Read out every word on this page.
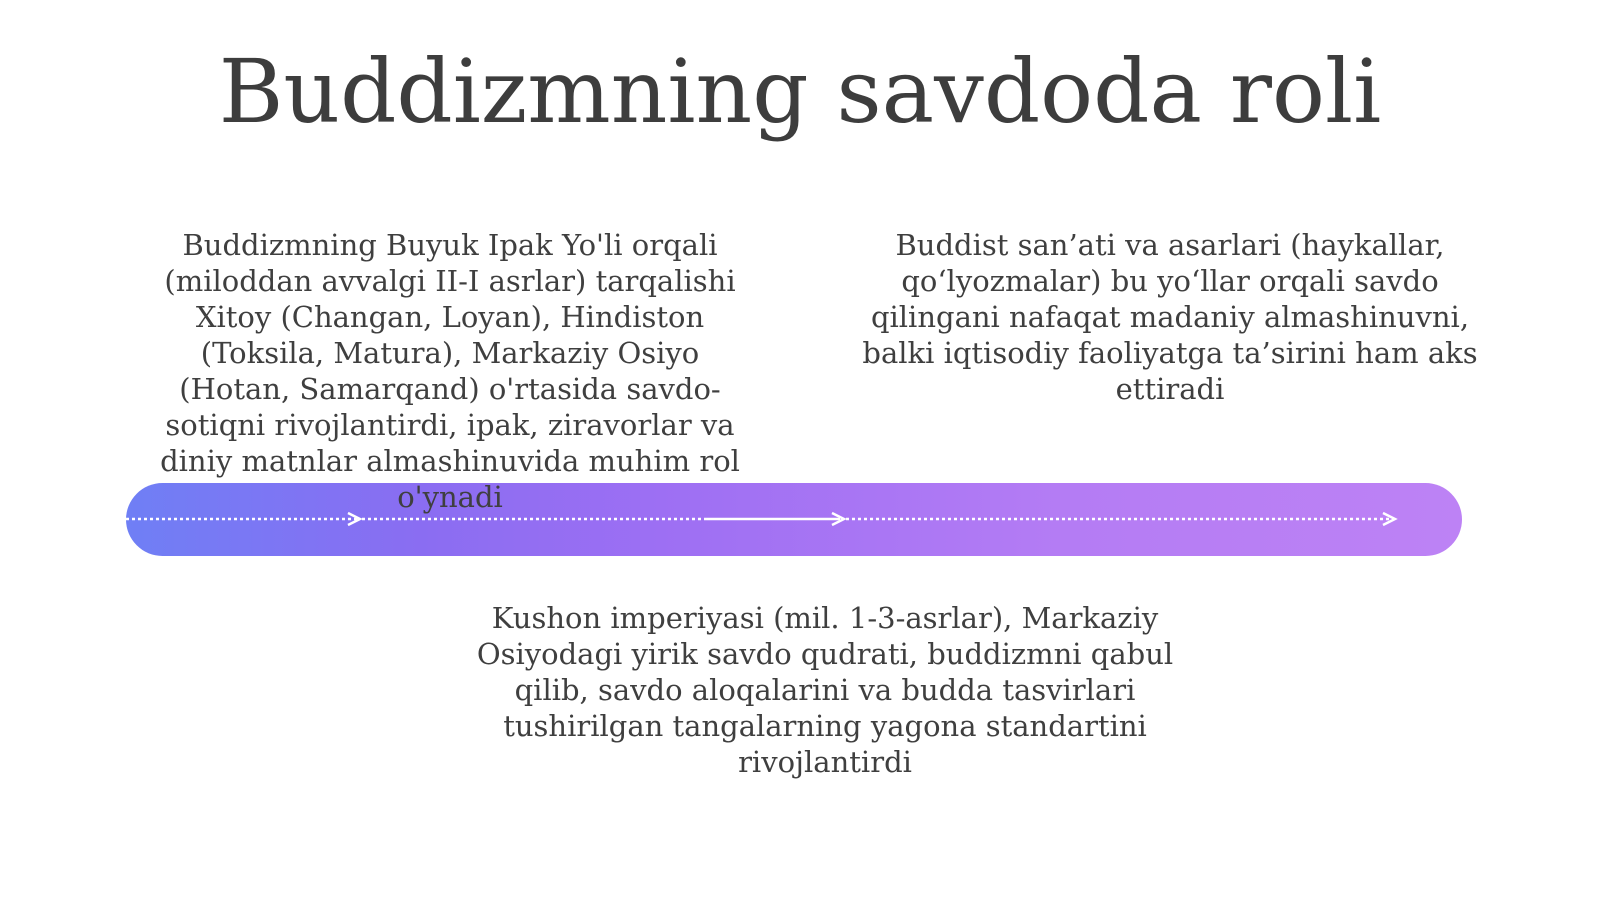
Buddizmning savdoda roli
Buddizmning Buyuk Ipak Yo'li orqali (miloddan avvalgi II-I asrlar) tarqalishi Xitoy (Changan, Loyan), Hindiston (Toksila, Matura), Markaziy Osiyo (Hotan, Samarqand) o'rtasida savdo-sotiqni rivojlantirdi, ipak, ziravorlar va diniy matnlar almashinuvida muhim rol o'ynadi
Buddist san’ati va asarlari (haykallar, qo‘lyozmalar) bu yo‘llar orqali savdo qilingani nafaqat madaniy almashinuvni, balki iqtisodiy faoliyatga ta’sirini ham aks ettiradi
Kushon imperiyasi (mil. 1-3-asrlar), Markaziy Osiyodagi yirik savdo qudrati, buddizmni qabul qilib, savdo aloqalarini va budda tasvirlari tushirilgan tangalarning yagona standartini rivojlantirdi
